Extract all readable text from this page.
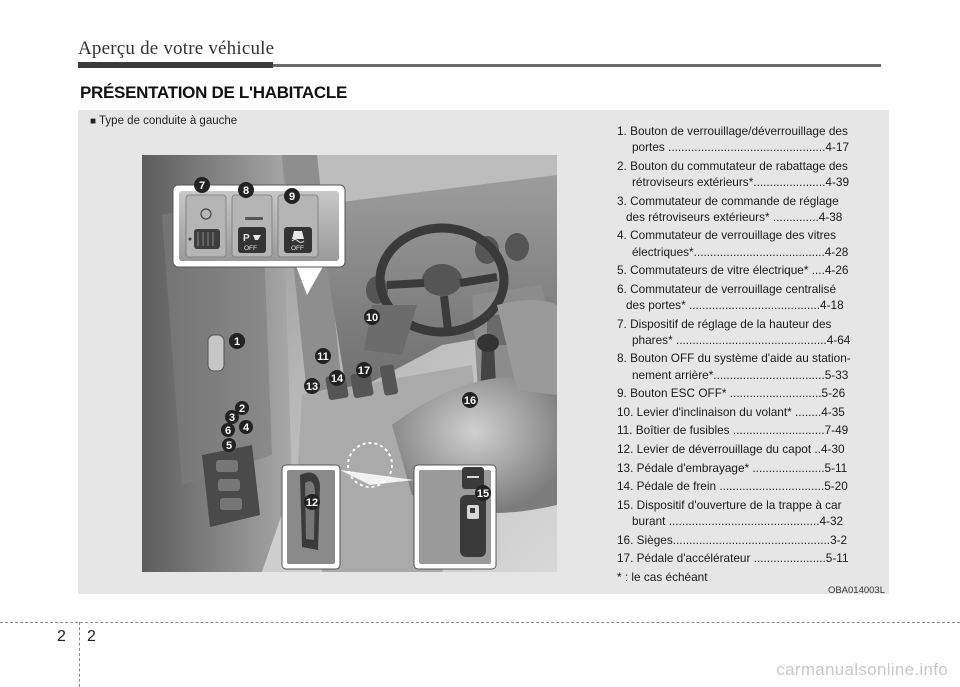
Aperçu de votre véhicule
PRÉSENTATION DE L'HABITACLE
■ Type de conduite à gauche
P
OFF	OFF
1
2
3
4
5
6
7	8	9
10
11
12
13
14
15
16
17
OBA014003L
1. Bouton de verrouillage/déverrouillage des
portes ................................................4-17
2. Bouton du commutateur de rabattage des
rétroviseurs extérieurs*......................4-39
3. Commutateur de commande de réglage
des rétroviseurs extérieurs* ..............4-38
4. Commutateur de verrouillage des vitres
électriques*........................................4-28
5. Commutateurs de vitre électrique* ....4-26
6. Commutateur de verrouillage centralisé
des portes* ........................................4-18
7. Dispositif de réglage de la hauteur des
phares* ..............................................4-64
8. Bouton OFF du système d'aide au station-
nement arrière*..................................5-33
9. Bouton ESC OFF* ............................5-26
10. Levier d'inclinaison du volant* ........4-35
11. Boîtier de fusibles ............................7-49
12. Levier de déverrouillage du capot ..4-30
13. Pédale d'embrayage* ......................5-11
14. Pédale de frein ................................5-20
15. Dispositif d'ouverture de la trappe à car
burant ..............................................4-32
16. Sièges................................................3-2
17. Pédale d'accélérateur ......................5-11
* : le cas échéant
2 2
carmanualsonline.info
